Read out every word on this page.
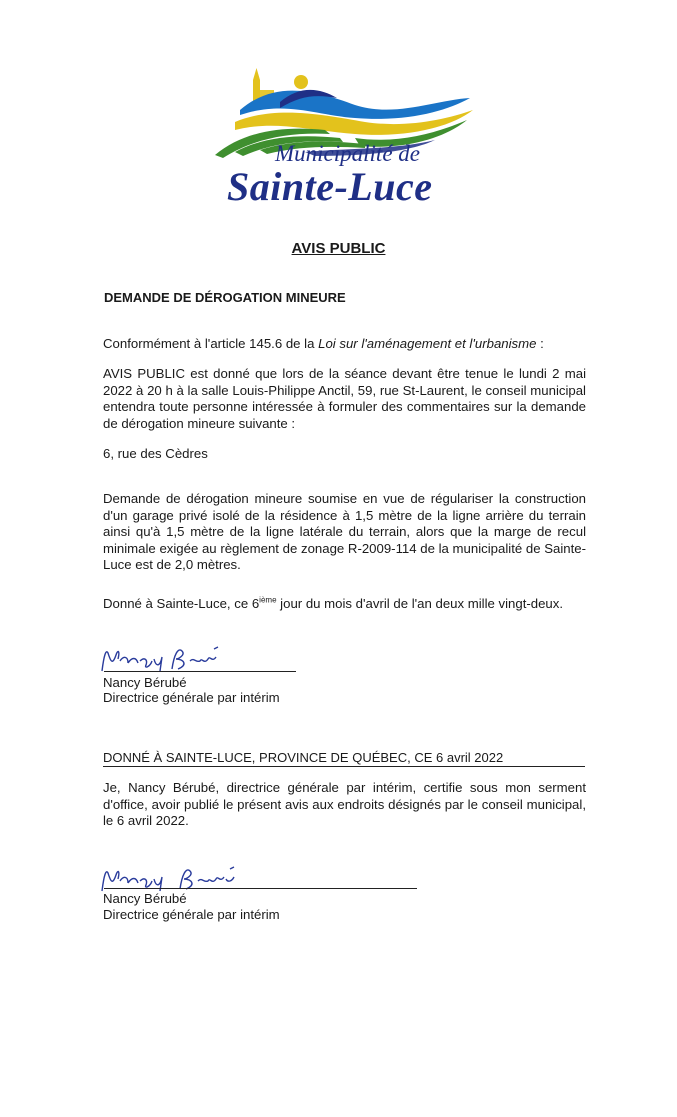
Municipalité de
Sainte-Luce
AVIS PUBLIC
DEMANDE DE DÉROGATION MINEURE
Conformément à l'article 145.6 de la Loi sur l'aménagement et l'urbanisme :
AVIS PUBLIC est donné que lors de la séance devant être tenue le lundi 2 mai 2022 à 20 h à la salle Louis-Philippe Anctil, 59, rue St-Laurent, le conseil municipal entendra toute personne intéressée à formuler des commentaires sur la demande de dérogation mineure suivante :
6, rue des Cèdres
Demande de dérogation mineure soumise en vue de régulariser la construction d'un garage privé isolé de la résidence à 1,5 mètre de la ligne arrière du terrain ainsi qu'à 1,5 mètre de la ligne latérale du terrain, alors que la marge de recul minimale exigée au règlement de zonage R-2009-114 de la municipalité de Sainte-Luce est de 2,0 mètres.
Donné à Sainte-Luce, ce 6ième jour du mois d'avril de l'an deux mille vingt-deux.
Nancy Bérubé
Directrice générale par intérim
DONNÉ À SAINTE-LUCE, PROVINCE DE QUÉBEC, CE 6 avril 2022
Je, Nancy Bérubé, directrice générale par intérim, certifie sous mon serment d'office, avoir publié le présent avis aux endroits désignés par le conseil municipal, le 6 avril 2022.
Nancy Bérubé
Directrice générale par intérim
